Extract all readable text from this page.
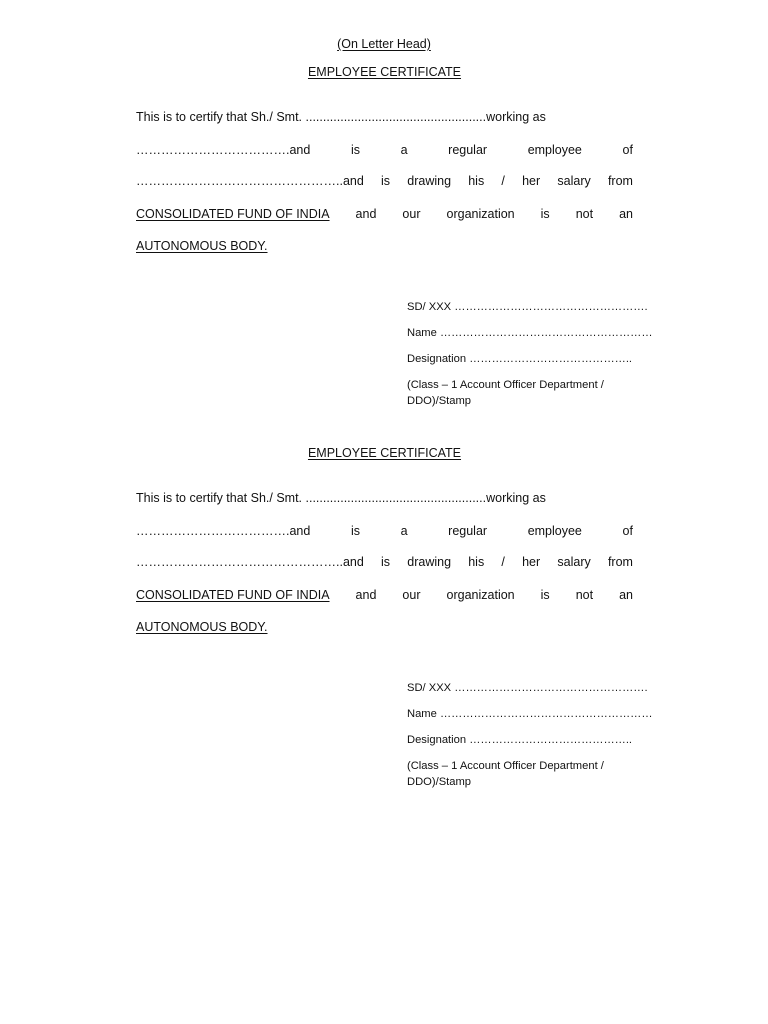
(On Letter Head)
EMPLOYEE CERTIFICATE
This is to certify that Sh./ Smt. ....................................................working as
……………………………….and	is	a	regular	employee	of
…………………………………………..and is drawing his / her salary from
CONSOLIDATED FUND OF INDIA and our organization is not an
AUTONOMOUS BODY.
SD/ XXX …………………………………………….
Name …………………………………………………
Designation ……………………………………..
(Class – 1 Account Officer Department / DDO)/Stamp
EMPLOYEE CERTIFICATE
This is to certify that Sh./ Smt. ....................................................working as
……………………………….and	is	a	regular	employee	of
…………………………………………..and is drawing his / her salary from
CONSOLIDATED FUND OF INDIA and our organization is not an
AUTONOMOUS BODY.
SD/ XXX …………………………………………….
Name …………………………………………………
Designation ……………………………………..
(Class – 1 Account Officer Department / DDO)/Stamp
